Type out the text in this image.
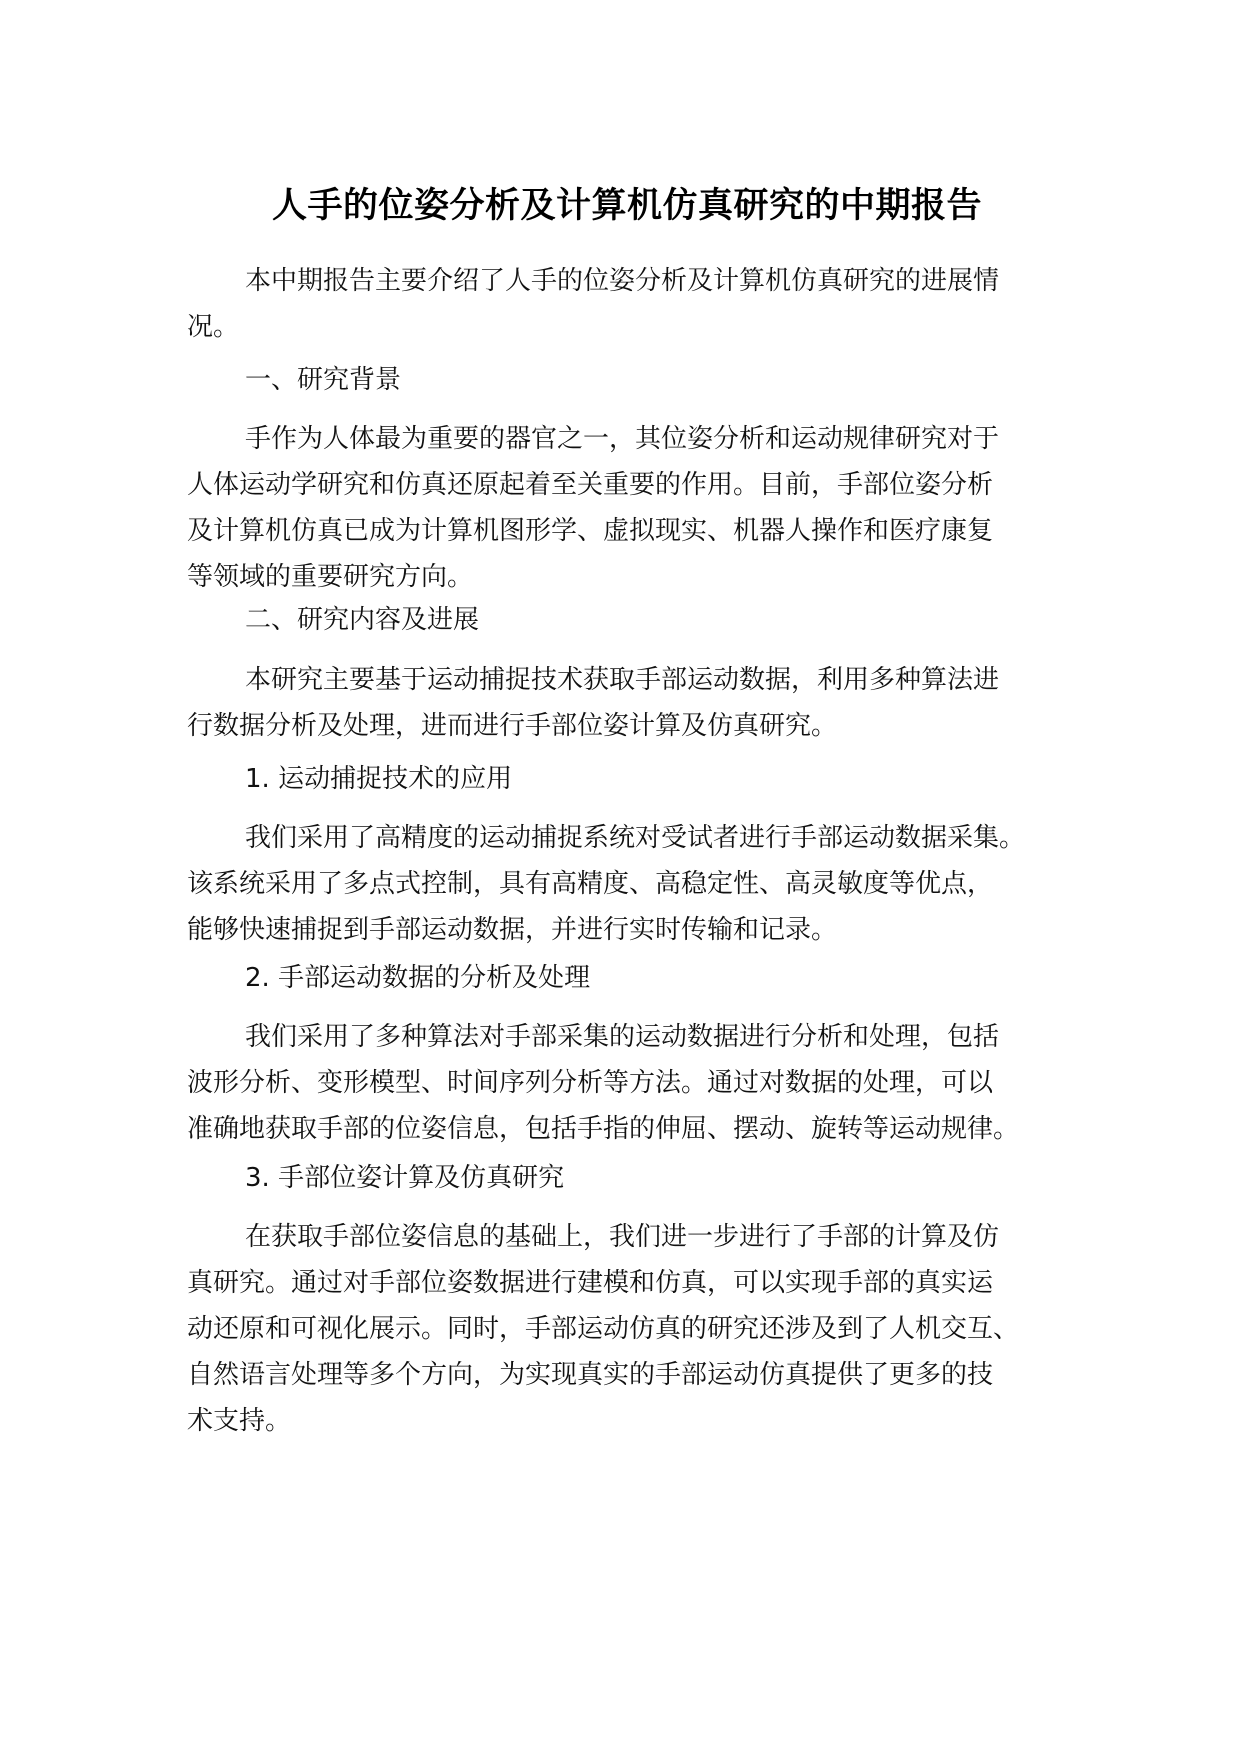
人手的位姿分析及计算机仿真研究的中期报告
本中期报告主要介绍了人手的位姿分析及计算机仿真研究的进展情
况。
一、研究背景
手作为人体最为重要的器官之一，其位姿分析和运动规律研究对于
人体运动学研究和仿真还原起着至关重要的作用。目前，手部位姿分析
及计算机仿真已成为计算机图形学、虚拟现实、机器人操作和医疗康复
等领域的重要研究方向。
二、研究内容及进展
本研究主要基于运动捕捉技术获取手部运动数据，利用多种算法进
行数据分析及处理，进而进行手部位姿计算及仿真研究。
1. 运动捕捉技术的应用
我们采用了高精度的运动捕捉系统对受试者进行手部运动数据采集。
该系统采用了多点式控制，具有高精度、高稳定性、高灵敏度等优点，
能够快速捕捉到手部运动数据，并进行实时传输和记录。
2. 手部运动数据的分析及处理
我们采用了多种算法对手部采集的运动数据进行分析和处理，包括
波形分析、变形模型、时间序列分析等方法。通过对数据的处理，可以
准确地获取手部的位姿信息，包括手指的伸屈、摆动、旋转等运动规律。
3. 手部位姿计算及仿真研究
在获取手部位姿信息的基础上，我们进一步进行了手部的计算及仿
真研究。通过对手部位姿数据进行建模和仿真，可以实现手部的真实运
动还原和可视化展示。同时，手部运动仿真的研究还涉及到了人机交互、
自然语言处理等多个方向，为实现真实的手部运动仿真提供了更多的技
术支持。
